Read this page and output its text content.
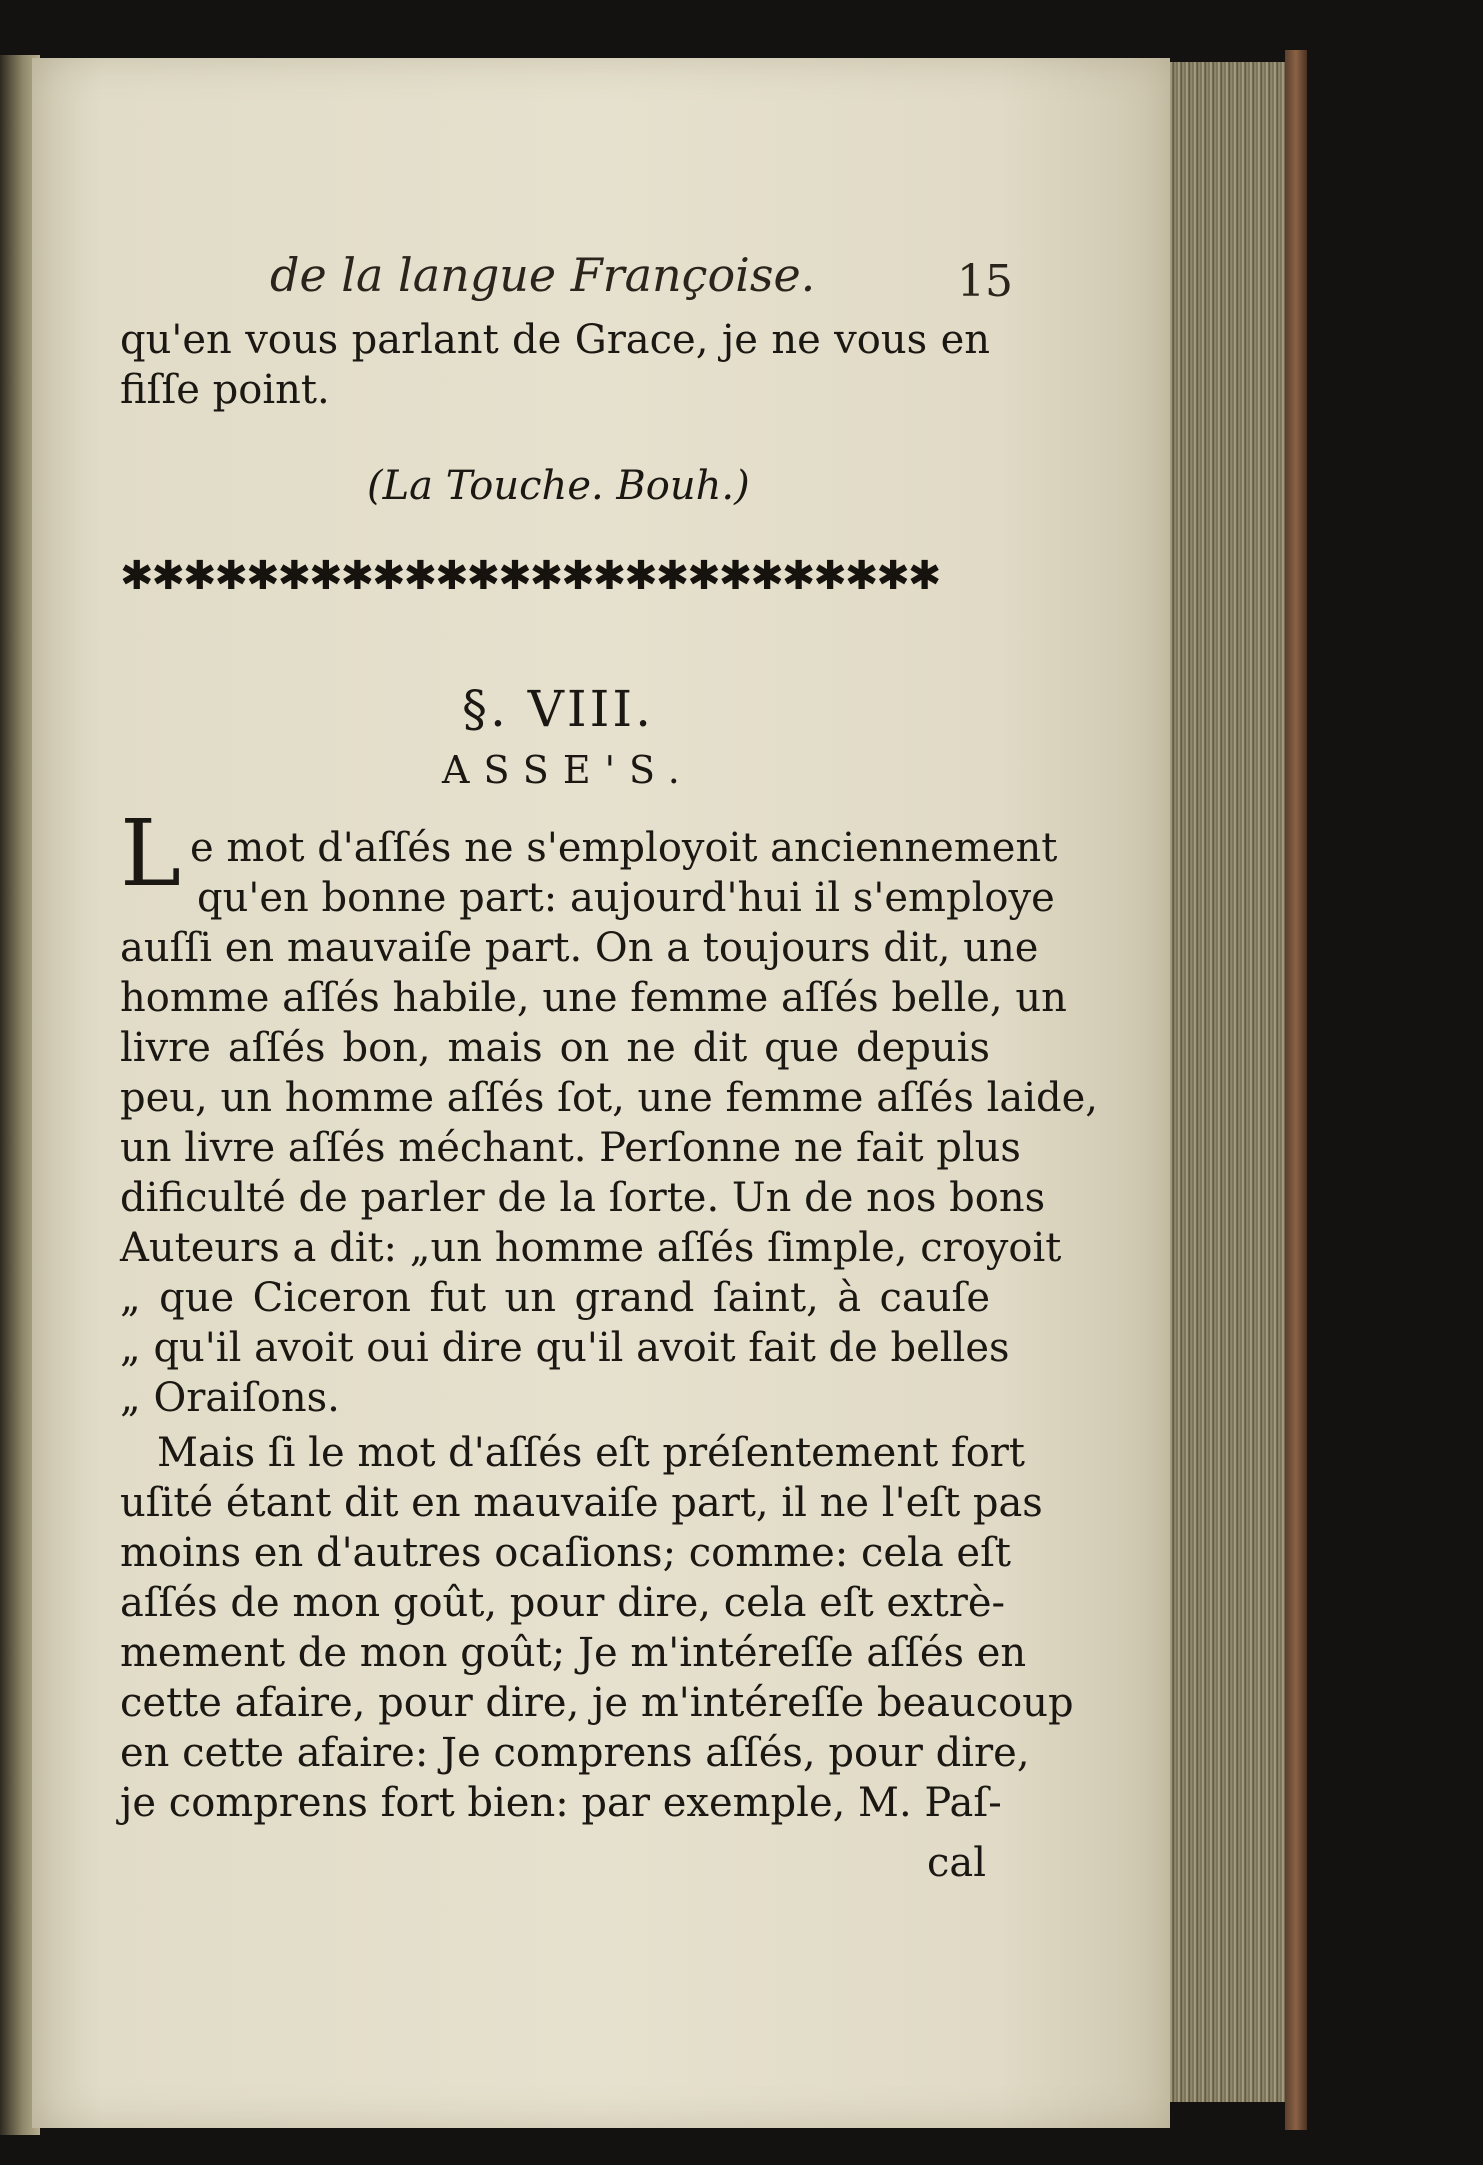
de la langue Françoise.	15
qu'en vous parlant de Grace, je ne vous en
fiſſe point.
(La Touche. Bouh.)
✱✱✱✱✱✱✱✱✱✱✱✱✱✱✱✱✱✱✱✱✱✱✱✱✱✱
§. VIII.
ASSE'S.
L e mot d'aſſés ne s'employoit anciennement
qu'en bonne part: aujourd'hui il s'employe
auſſi en mauvaiſe part. On a toujours dit, une
homme aſſés habile, une femme aſſés belle, un
livre aſſés bon, mais on ne dit que depuis
peu, un homme aſſés ſot, une femme aſſés laide,
un livre aſſés méchant. Perſonne ne fait plus
dificulté de parler de la ſorte. Un de nos bons
Auteurs a dit: „un homme aſſés ſimple, croyoit
„ que Ciceron fut un grand ſaint, à cauſe
„ qu'il avoit oui dire qu'il avoit fait de belles
„ Oraiſons.
Mais ſi le mot d'aſſés eſt préſentement fort
uſité étant dit en mauvaiſe part, il ne l'eſt pas
moins en d'autres ocaſions; comme: cela eſt
aſſés de mon goût, pour dire, cela eſt extrè-
mement de mon goût; Je m'intéreſſe aſſés en
cette afaire, pour dire, je m'intéreſſe beaucoup
en cette afaire: Je comprens aſſés, pour dire,
je comprens fort bien: par exemple, M. Paſ-
cal
